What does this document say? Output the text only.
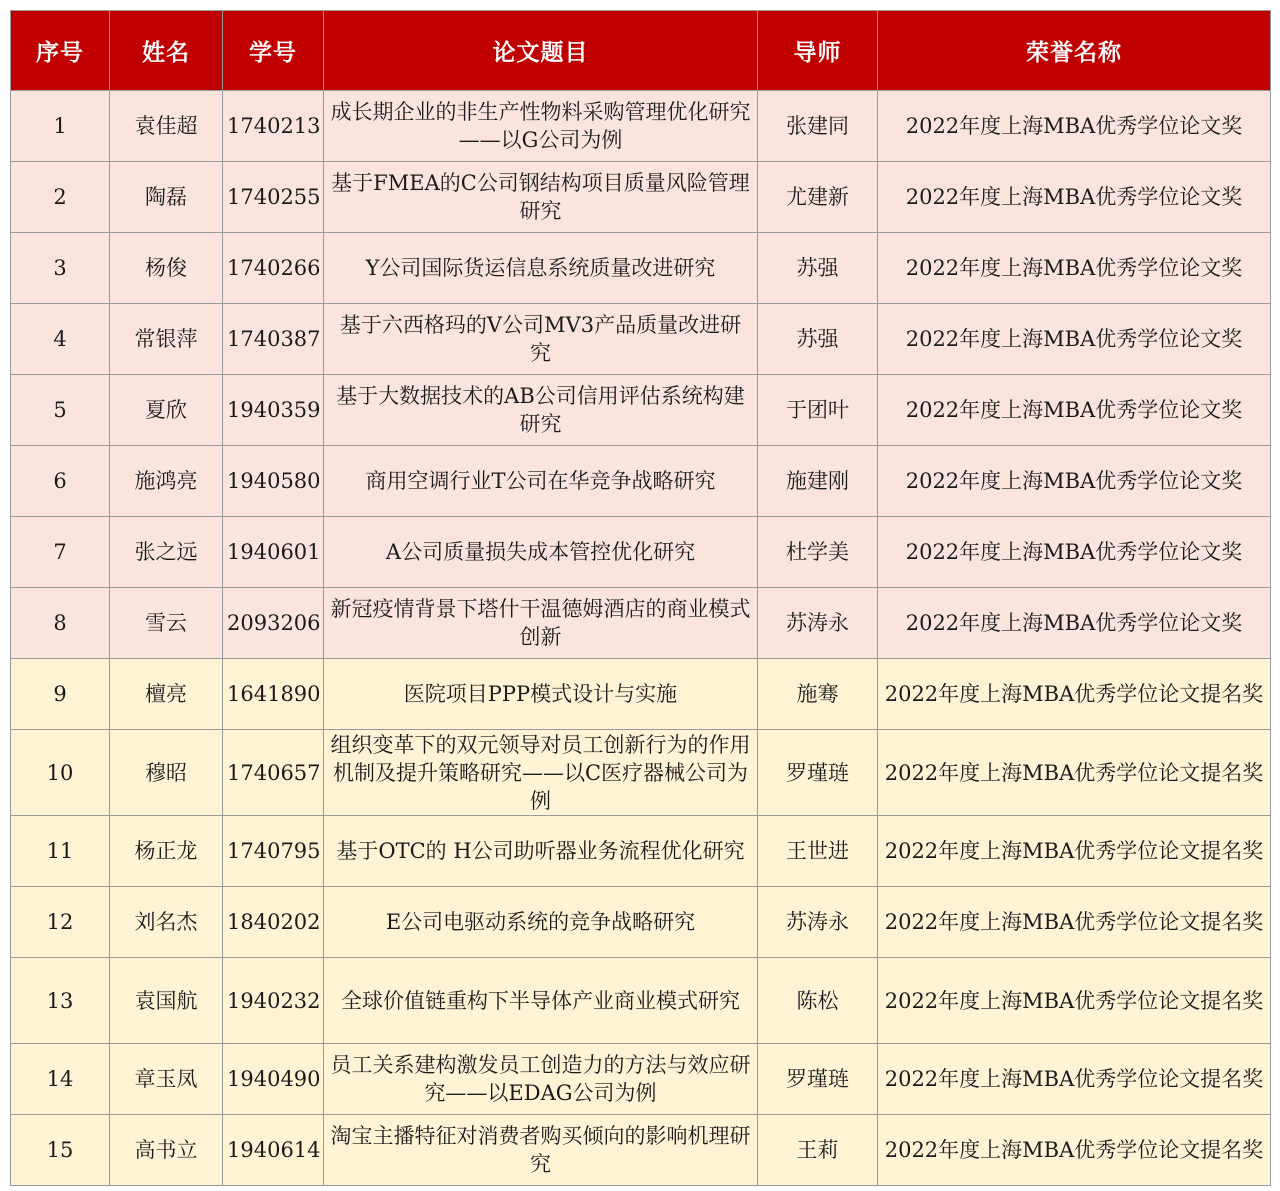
序号	姓名	学号	论文题目	导师	荣誉名称
1	袁佳超	1740213	成长期企业的非生产性物料采购管理优化研究——以G公司为例	张建同	2022年度上海MBA优秀学位论文奖
2	陶磊	1740255	基于FMEA的C公司钢结构项目质量风险管理研究	尤建新	2022年度上海MBA优秀学位论文奖
3	杨俊	1740266	Y公司国际货运信息系统质量改进研究	苏强	2022年度上海MBA优秀学位论文奖
4	常银萍	1740387	基于六西格玛的V公司MV3产品质量改进研究	苏强	2022年度上海MBA优秀学位论文奖
5	夏欣	1940359	基于大数据技术的AB公司信用评估系统构建研究	于团叶	2022年度上海MBA优秀学位论文奖
6	施鸿亮	1940580	商用空调行业T公司在华竞争战略研究	施建刚	2022年度上海MBA优秀学位论文奖
7	张之远	1940601	A公司质量损失成本管控优化研究	杜学美	2022年度上海MBA优秀学位论文奖
8	雪云	2093206	新冠疫情背景下塔什干温德姆酒店的商业模式创新	苏涛永	2022年度上海MBA优秀学位论文奖
9	檀亮	1641890	医院项目PPP模式设计与实施	施骞	2022年度上海MBA优秀学位论文提名奖
10	穆昭	1740657	组织变革下的双元领导对员工创新行为的作用机制及提升策略研究——以C医疗器械公司为例	罗瑾琏	2022年度上海MBA优秀学位论文提名奖
11	杨正龙	1740795	基于OTC的 H公司助听器业务流程优化研究	王世进	2022年度上海MBA优秀学位论文提名奖
12	刘名杰	1840202	E公司电驱动系统的竞争战略研究	苏涛永	2022年度上海MBA优秀学位论文提名奖
13	袁国航	1940232	全球价值链重构下半导体产业商业模式研究	陈松	2022年度上海MBA优秀学位论文提名奖
14	章玉凤	1940490	员工关系建构激发员工创造力的方法与效应研究——以EDAG公司为例	罗瑾琏	2022年度上海MBA优秀学位论文提名奖
15	高书立	1940614	淘宝主播特征对消费者购买倾向的影响机理研究	王莉	2022年度上海MBA优秀学位论文提名奖
